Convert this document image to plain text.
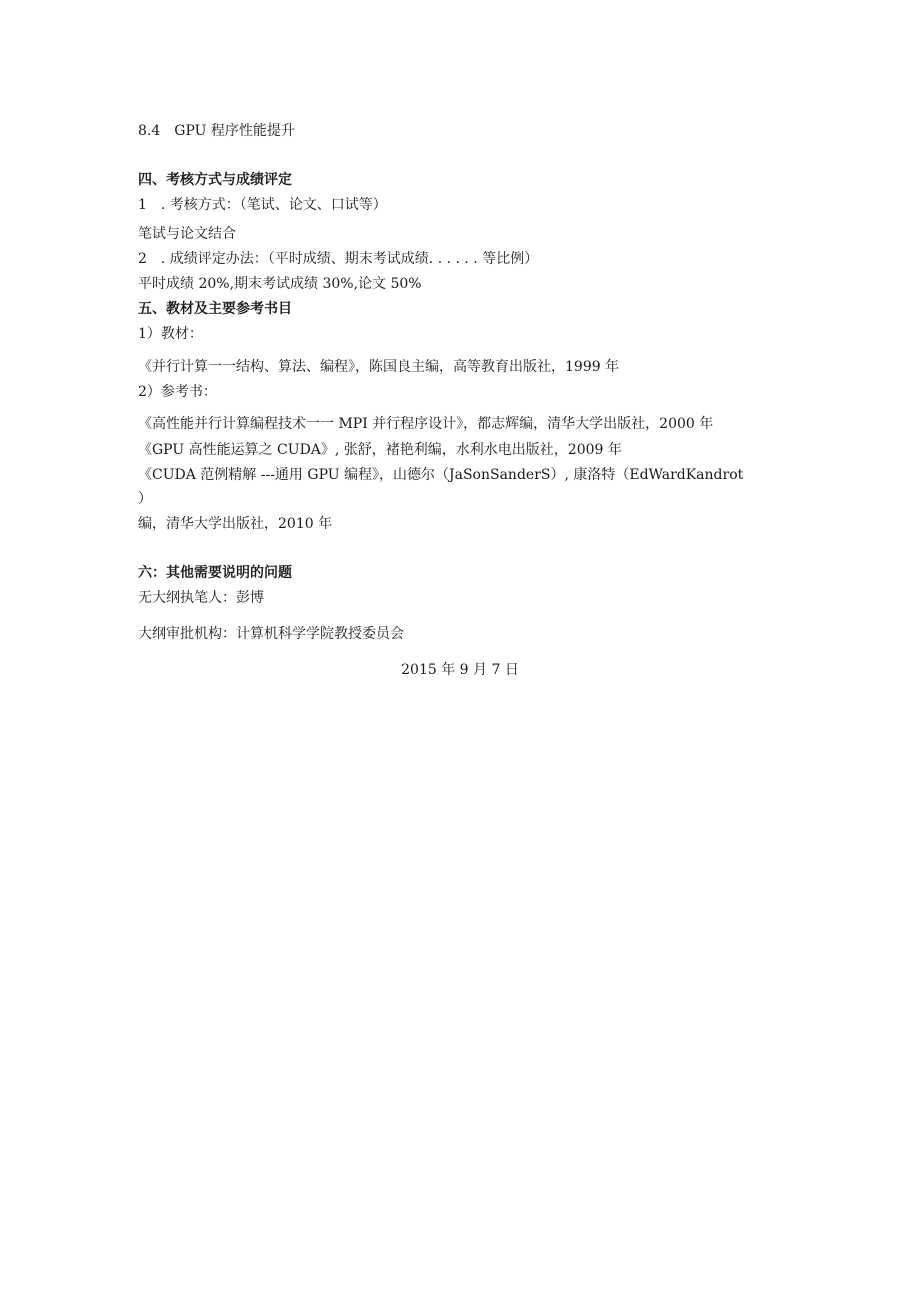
8.4　GPU 程序性能提升
四、考核方式与成绩评定
1　. 考核方式：（笔试、论文、口试等）
笔试与论文结合
2　. 成绩评定办法：（平时成绩、期末考试成绩. . . . . . 等比例）
平时成绩 20%,期末考试成绩 30%,论文 50%
五、教材及主要参考书目
1）教材：
《并行计算一一结构、算法、编程》，陈国良主编，高等教育出版社，1999 年
2）参考书：
《高性能并行计算编程技术一一 MPI 并行程序设计》，都志辉编，清华大学出版社，2000 年
《GPU 高性能运算之 CUDA》, 张舒，褚艳利编，水利水电出版社，2009 年
《CUDA 范例精解 ---通用 GPU 编程》，山德尔（JaSonSanderS）, 康洛特（EdWardKandrot
）
编，清华大学出版社，2010 年
六：其他需要说明的问题
无大纲执笔人：彭博
大纲审批机构：计算机科学学院教授委员会
2015 年 9 月 7 日
